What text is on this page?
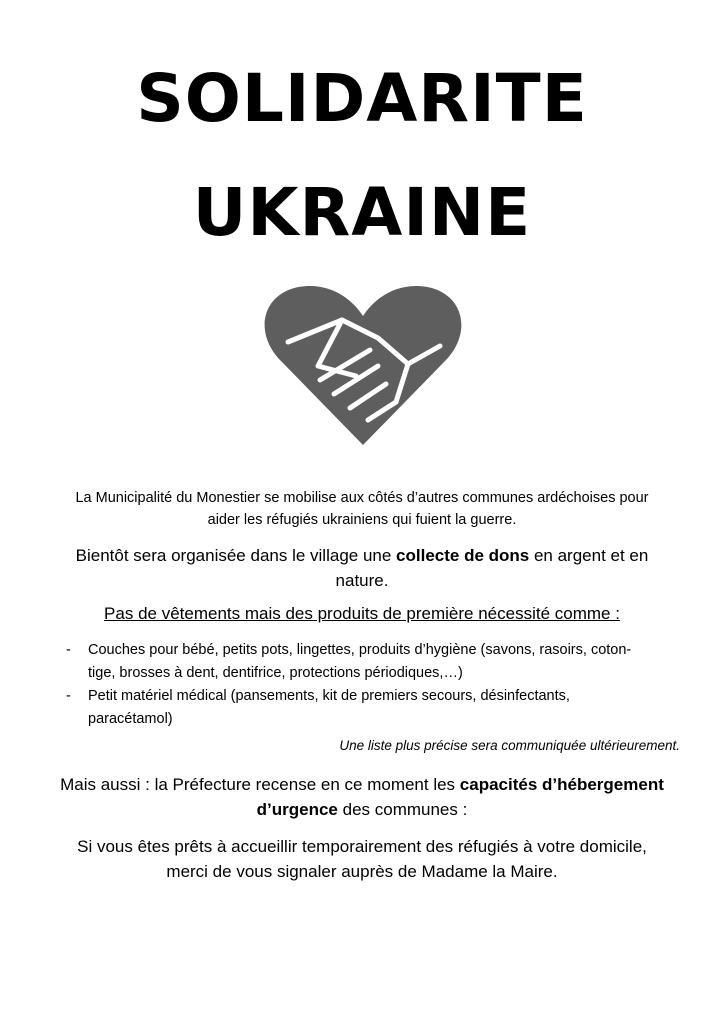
SOLIDARITE
UKRAINE
La Municipalité du Monestier se mobilise aux côtés d’autres communes ardéchoises pour
aider les réfugiés ukrainiens qui fuient la guerre.
Bientôt sera organisée dans le village une collecte de dons en argent et en
nature.
Pas de vêtements mais des produits de première nécessité comme :
- Couches pour bébé, petits pots, lingettes, produits d’hygiène (savons, rasoirs, coton-
tige, brosses à dent, dentifrice, protections périodiques,…)
- Petit matériel médical (pansements, kit de premiers secours, désinfectants,
paracétamol)

Une liste plus précise sera communiquée ultérieurement.

Mais aussi : la Préfecture recense en ce moment les capacités d’hébergement
d’urgence des communes :
Si vous êtes prêts à accueillir temporairement des réfugiés à votre domicile,
merci de vous signaler auprès de Madame la Maire.
